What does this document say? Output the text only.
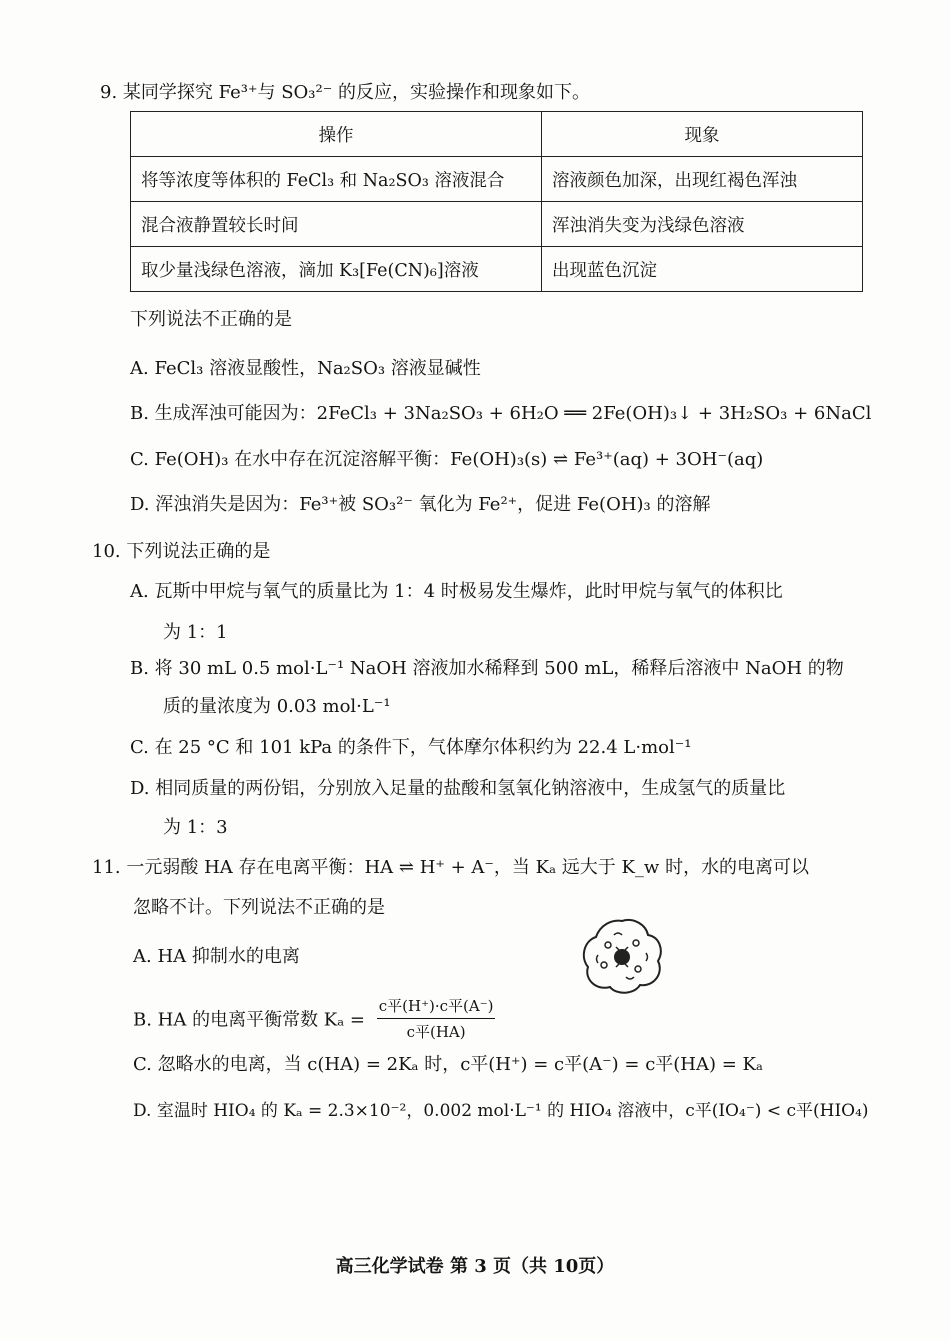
9. 某同学探究 Fe³⁺与 SO₃²⁻ 的反应，实验操作和现象如下。
操作	现象
将等浓度等体积的 FeCl₃ 和 Na₂SO₃ 溶液混合	溶液颜色加深，出现红褐色浑浊
混合液静置较长时间	浑浊消失变为浅绿色溶液
取少量浅绿色溶液，滴加 K₃[Fe(CN)₆]溶液	出现蓝色沉淀
下列说法不正确的是
A. FeCl₃ 溶液显酸性，Na₂SO₃ 溶液显碱性
B. 生成浑浊可能因为：2FeCl₃ + 3Na₂SO₃ + 6H₂O ══ 2Fe(OH)₃↓ + 3H₂SO₃ + 6NaCl
C. Fe(OH)₃ 在水中存在沉淀溶解平衡：Fe(OH)₃(s) ⇌ Fe³⁺(aq) + 3OH⁻(aq)
D. 浑浊消失是因为：Fe³⁺被 SO₃²⁻ 氧化为 Fe²⁺，促进 Fe(OH)₃ 的溶解
10. 下列说法正确的是
A. 瓦斯中甲烷与氧气的质量比为 1：4 时极易发生爆炸，此时甲烷与氧气的体积比
为 1：1
B. 将 30 mL 0.5 mol·L⁻¹ NaOH 溶液加水稀释到 500 mL，稀释后溶液中 NaOH 的物
质的量浓度为 0.03 mol·L⁻¹
C. 在 25 °C 和 101 kPa 的条件下，气体摩尔体积约为 22.4 L·mol⁻¹
D. 相同质量的两份铝，分别放入足量的盐酸和氢氧化钠溶液中，生成氢气的质量比
为 1：3
11. 一元弱酸 HA 存在电离平衡：HA ⇌ H⁺ + A⁻，当 Kₐ 远大于 K_w 时，水的电离可以
忽略不计。下列说法不正确的是
A. HA 抑制水的电离
B. HA 的电离平衡常数 Kₐ =
c平(H⁺)·c平(A⁻)
c平(HA)
C. 忽略水的电离，当 c(HA) = 2Kₐ 时，c平(H⁺) = c平(A⁻) = c平(HA) = Kₐ
D. 室温时 HIO₄ 的 Kₐ = 2.3×10⁻²，0.002 mol·L⁻¹ 的 HIO₄ 溶液中，c平(IO₄⁻) < c平(HIO₄)
高三化学试卷 第 3 页（共 10页）
